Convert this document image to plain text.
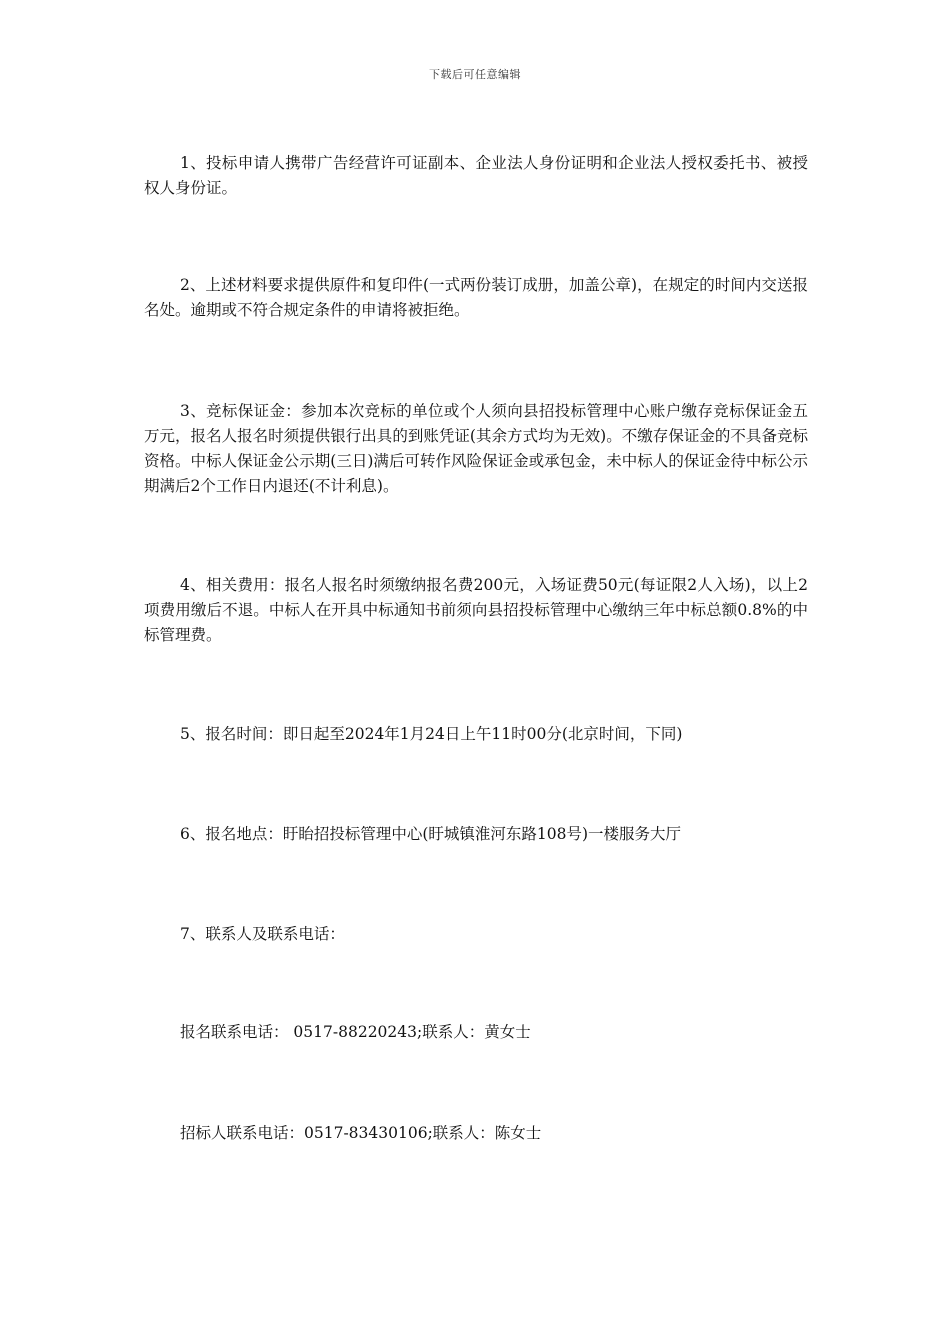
下载后可任意编辑

1、投标申请人携带广告经营许可证副本、企业法人身份证明和企业法人授权委托书、被授权人身份证。

2、上述材料要求提供原件和复印件(一式两份装订成册，加盖公章)，在规定的时间内交送报名处。逾期或不符合规定条件的申请将被拒绝。

3、竞标保证金：参加本次竞标的单位或个人须向县招投标管理中心账户缴存竞标保证金五万元，报名人报名时须提供银行出具的到账凭证(其余方式均为无效)。不缴存保证金的不具备竞标资格。中标人保证金公示期(三日)满后可转作风险保证金或承包金，未中标人的保证金待中标公示期满后2个工作日内退还(不计利息)。

4、相关费用：报名人报名时须缴纳报名费200元，入场证费50元(每证限2人入场)，以上2项费用缴后不退。中标人在开具中标通知书前须向县招投标管理中心缴纳三年中标总额0.8%的中标管理费。

5、报名时间：即日起至2024年1月24日上午11时00分(北京时间，下同)

6、报名地点：盱眙招投标管理中心(盱城镇淮河东路108号)一楼服务大厅

7、联系人及联系电话：

报名联系电话： 0517-88220243;联系人：黄女士

招标人联系电话：0517-83430106;联系人：陈女士
